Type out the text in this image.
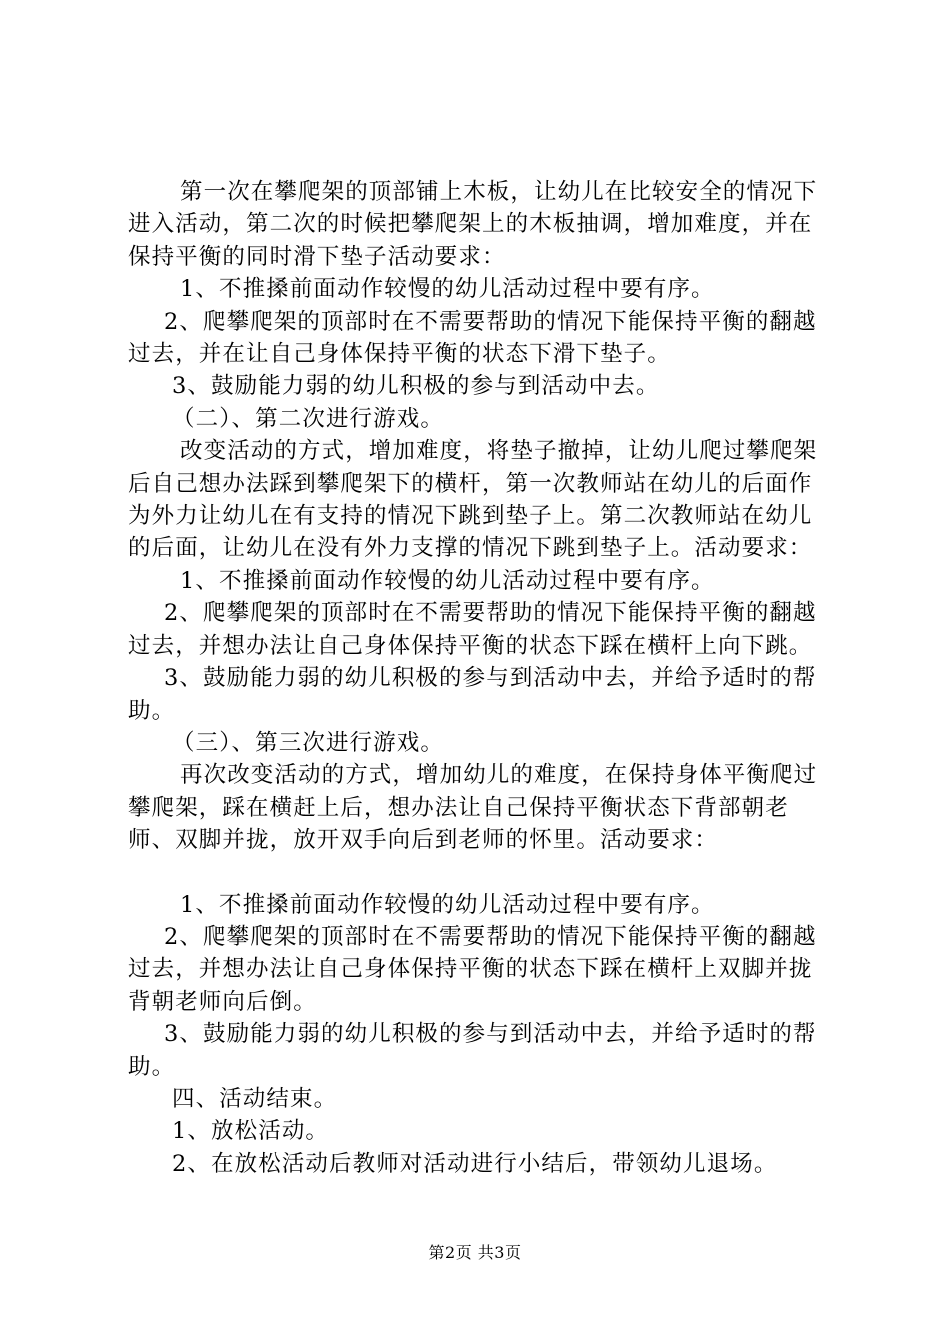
第一次在攀爬架的顶部铺上木板，让幼儿在比较安全的情况下进入活动，第二次的时候把攀爬架上的木板抽调，增加难度，并在保持平衡的同时滑下垫子活动要求：

1、不推搡前面动作较慢的幼儿活动过程中要有序。

2、爬攀爬架的顶部时在不需要帮助的情况下能保持平衡的翻越过去，并在让自己身体保持平衡的状态下滑下垫子。

3、鼓励能力弱的幼儿积极的参与到活动中去。

（二）、第二次进行游戏。

改变活动的方式，增加难度，将垫子撤掉，让幼儿爬过攀爬架后自己想办法踩到攀爬架下的横杆，第一次教师站在幼儿的后面作为外力让幼儿在有支持的情况下跳到垫子上。第二次教师站在幼儿的后面，让幼儿在没有外力支撑的情况下跳到垫子上。活动要求：

1、不推搡前面动作较慢的幼儿活动过程中要有序。

2、爬攀爬架的顶部时在不需要帮助的情况下能保持平衡的翻越过去，并想办法让自己身体保持平衡的状态下踩在横杆上向下跳。

3、鼓励能力弱的幼儿积极的参与到活动中去，并给予适时的帮助。

（三）、第三次进行游戏。

再次改变活动的方式，增加幼儿的难度，在保持身体平衡爬过攀爬架，踩在横赶上后，想办法让自己保持平衡状态下背部朝老师、双脚并拢，放开双手向后到老师的怀里。活动要求：

1、不推搡前面动作较慢的幼儿活动过程中要有序。

2、爬攀爬架的顶部时在不需要帮助的情况下能保持平衡的翻越过去，并想办法让自己身体保持平衡的状态下踩在横杆上双脚并拢背朝老师向后倒。

3、鼓励能力弱的幼儿积极的参与到活动中去，并给予适时的帮助。

四、活动结束。

1、放松活动。

2、在放松活动后教师对活动进行小结后，带领幼儿退场。

第2页 共3页
